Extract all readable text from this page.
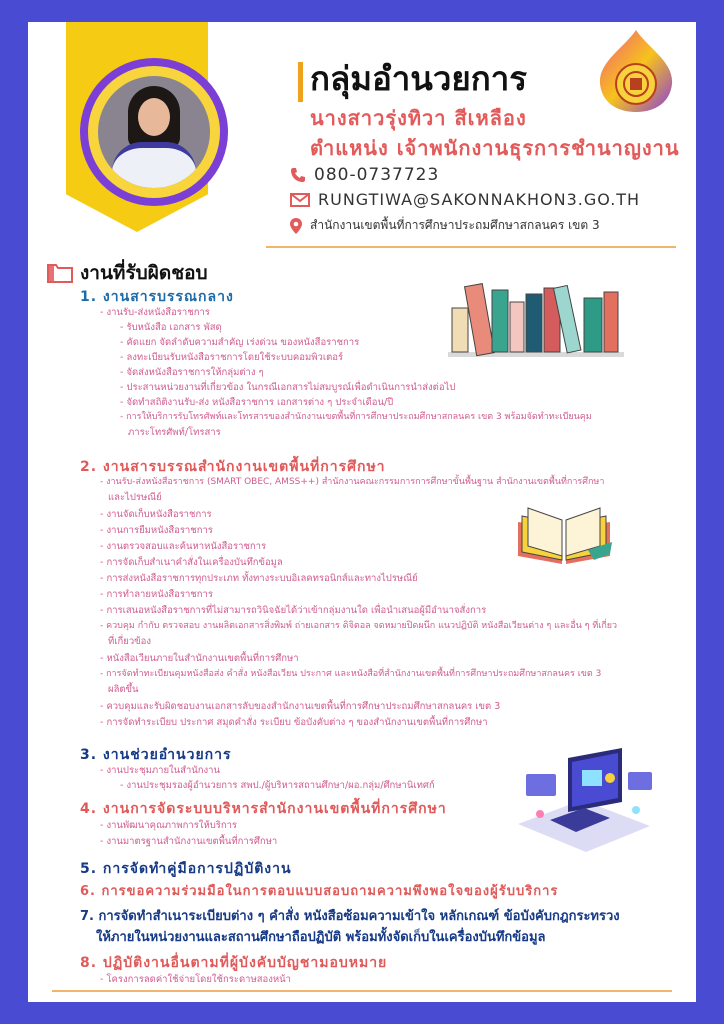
กลุ่มอำนวยการ
นางสาวรุ่งทิวา สีเหลือง
ตำแหน่ง เจ้าพนักงานธุรการชำนาญงาน
080-0737723
RUNGTIWA@SAKONNAKHON3.GO.TH
สำนักงานเขตพื้นที่การศึกษาประถมศึกษาสกลนคร เขต 3
งานที่รับผิดชอบ
1. งานสารบรรณกลาง
- งานรับ-ส่งหนังสือราชการ
- รับหนังสือ เอกสาร พัสดุ
- คัดแยก จัดลำดับความสำคัญ เร่งด่วน ของหนังสือราชการ
- ลงทะเบียนรับหนังสือราชการโดยใช้ระบบคอมพิวเตอร์
- จัดส่งหนังสือราชการให้กลุ่มต่าง ๆ
- ประสานหน่วยงานที่เกี่ยวข้อง ในกรณีเอกสารไม่สมบูรณ์เพื่อดำเนินการนำส่งต่อไป
- จัดทำสถิติงานรับ-ส่ง หนังสือราชการ เอกสารต่าง ๆ ประจำเดือน/ปี
- การให้บริการรับโทรศัพท์และโทรสารของสำนักงานเขตพื้นที่การศึกษาประถมศึกษาสกลนคร เขต 3 พร้อมจัดทำทะเบียนคุม
ภาระโทรศัพท์/โทรสาร
2. งานสารบรรณสำนักงานเขตพื้นที่การศึกษา
- งานรับ-ส่งหนังสือราชการ (SMART OBEC, AMSS++) สำนักงานคณะกรรมการการศึกษาขั้นพื้นฐาน สำนักงานเขตพื้นที่การศึกษา
และไปรษณีย์
- งานจัดเก็บหนังสือราชการ
- งานการยืมหนังสือราชการ
- งานตรวจสอบและค้นหาหนังสือราชการ
- การจัดเก็บสำเนาคำสั่งในเครื่องบันทึกข้อมูล
- การส่งหนังสือราชการทุกประเภท ทั้งทางระบบอิเลคทรอนิกส์และทางไปรษณีย์
- การทำลายหนังสือราชการ
- การเสนอหนังสือราชการที่ไม่สามารถวินิจฉัยได้ว่าเข้ากลุ่มงานใด เพื่อนำเสนอผู้มีอำนาจสั่งการ
- ควบคุม กำกับ ตรวจสอบ งานผลิตเอกสารสิ่งพิมพ์ ถ่ายเอกสาร ดิจิตอล จดหมายปิดผนึก แนวปฏิบัติ หนังสือเวียนต่าง ๆ และอื่น ๆ ที่เกี่ยว
ที่เกี่ยวข้อง
- หนังสือเวียนภายในสำนักงานเขตพื้นที่การศึกษา
- การจัดทำทะเบียนคุมหนังสือส่ง คำสั่ง หนังสือเวียน ประกาศ และหนังสือที่สำนักงานเขตพื้นที่การศึกษาประถมศึกษาสกลนคร เขต 3
ผลิตขึ้น
- ควบคุมและรับผิดชอบงานเอกสารลับของสำนักงานเขตพื้นที่การศึกษาประถมศึกษาสกลนคร เขต 3
- การจัดทำระเบียบ ประกาศ สมุดคำสั่ง ระเบียบ ข้อบังคับต่าง ๆ ของสำนักงานเขตพื้นที่การศึกษา
3. งานช่วยอำนวยการ
- งานประชุมภายในสำนักงาน
- งานประชุมรองผู้อำนวยการ สพป./ผู้บริหารสถานศึกษา/ผอ.กลุ่ม/ศึกษานิเทศก์
4. งานการจัดระบบบริหารสำนักงานเขตพื้นที่การศึกษา
- งานพัฒนาคุณภาพการให้บริการ
- งานมาตรฐานสำนักงานเขตพื้นที่การศึกษา
5. การจัดทำคู่มือการปฏิบัติงาน
6. การขอความร่วมมือในการตอบแบบสอบถามความพึงพอใจของผู้รับบริการ
7. การจัดทำสำเนาระเบียบต่าง ๆ คำสั่ง หนังสือซ้อมความเข้าใจ หลักเกณฑ์ ข้อบังคับกฎกระทรวง
ให้ภายในหน่วยงานและสถานศึกษาถือปฏิบัติ พร้อมทั้งจัดเก็บในเครื่องบันทึกข้อมูล
8. ปฏิบัติงานอื่นตามที่ผู้บังคับบัญชามอบหมาย
- โครงการลดค่าใช้จ่ายโดยใช้กระดาษสองหน้า
